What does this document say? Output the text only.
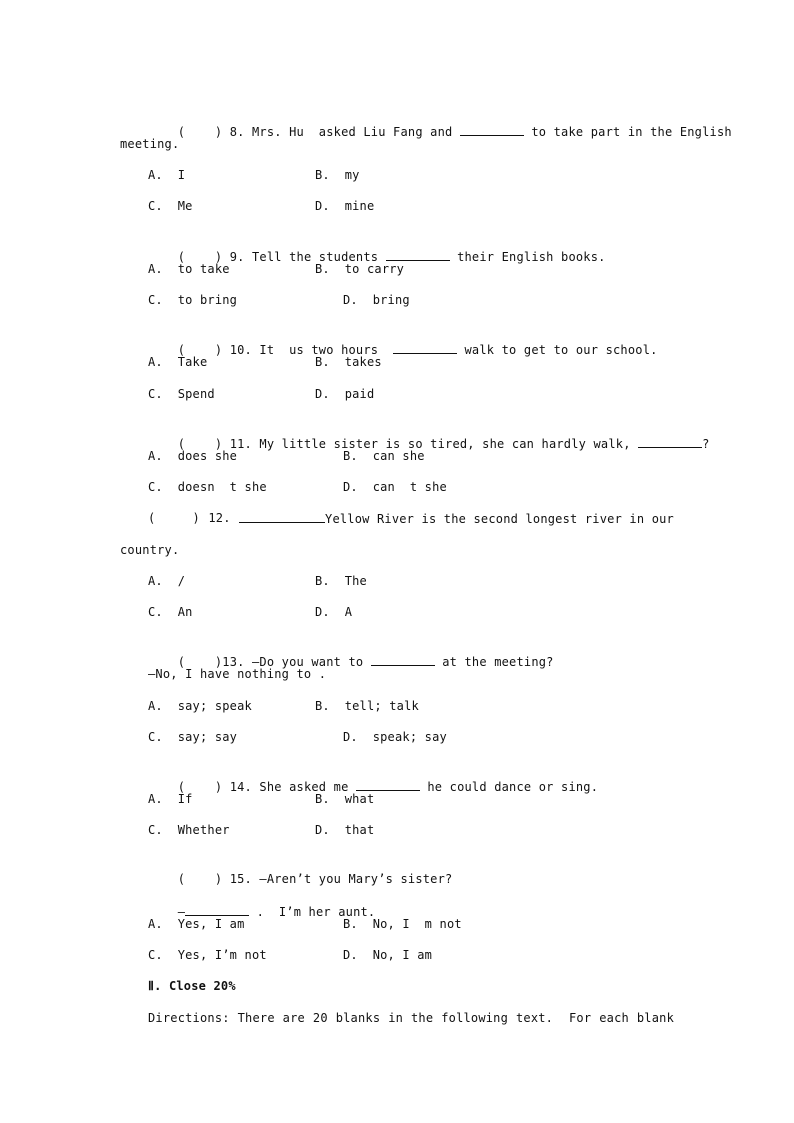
(    ) 8. Mrs. Hu  asked Liu Fang and	to take part in the English

meeting.
A.  I	B.  my
C.  Me	D.  mine

(    ) 9. Tell the students	their English books.

A.  to take	B.  to carry
C.  to bring	D.  bring

(    ) 10. It  us two hours	walk to get to our school.

A.  Take	B.  takes
C.  Spend	D.  paid

(    ) 11. My little sister is so tired, she can hardly walk,	?

A.  does she	B.  can she
C.  doesn  t she	D.  can  t she
(     ) 12.	Yellow River is the second longest river in our
country.
A.  /	B.  The
C.  An	D.  A

(    )13. —Do you want to	at the meeting?

—No, I have nothing to .
A.  say; speak	B.  tell; talk
C.  say; say	D.  speak; say

(    ) 14. She asked me	he could dance or sing.

A.  If	B.  what
C.  Whether	D.  that

(    ) 15. —Aren’t you Mary’s sister?

—	.  I’m her aunt.

A.  Yes, I am	B.  No, I  m not
C.  Yes, I’m not	D.  No, I am
Ⅱ. Close 20%
Directions: There are 20 blanks in the following text.  For each blank
